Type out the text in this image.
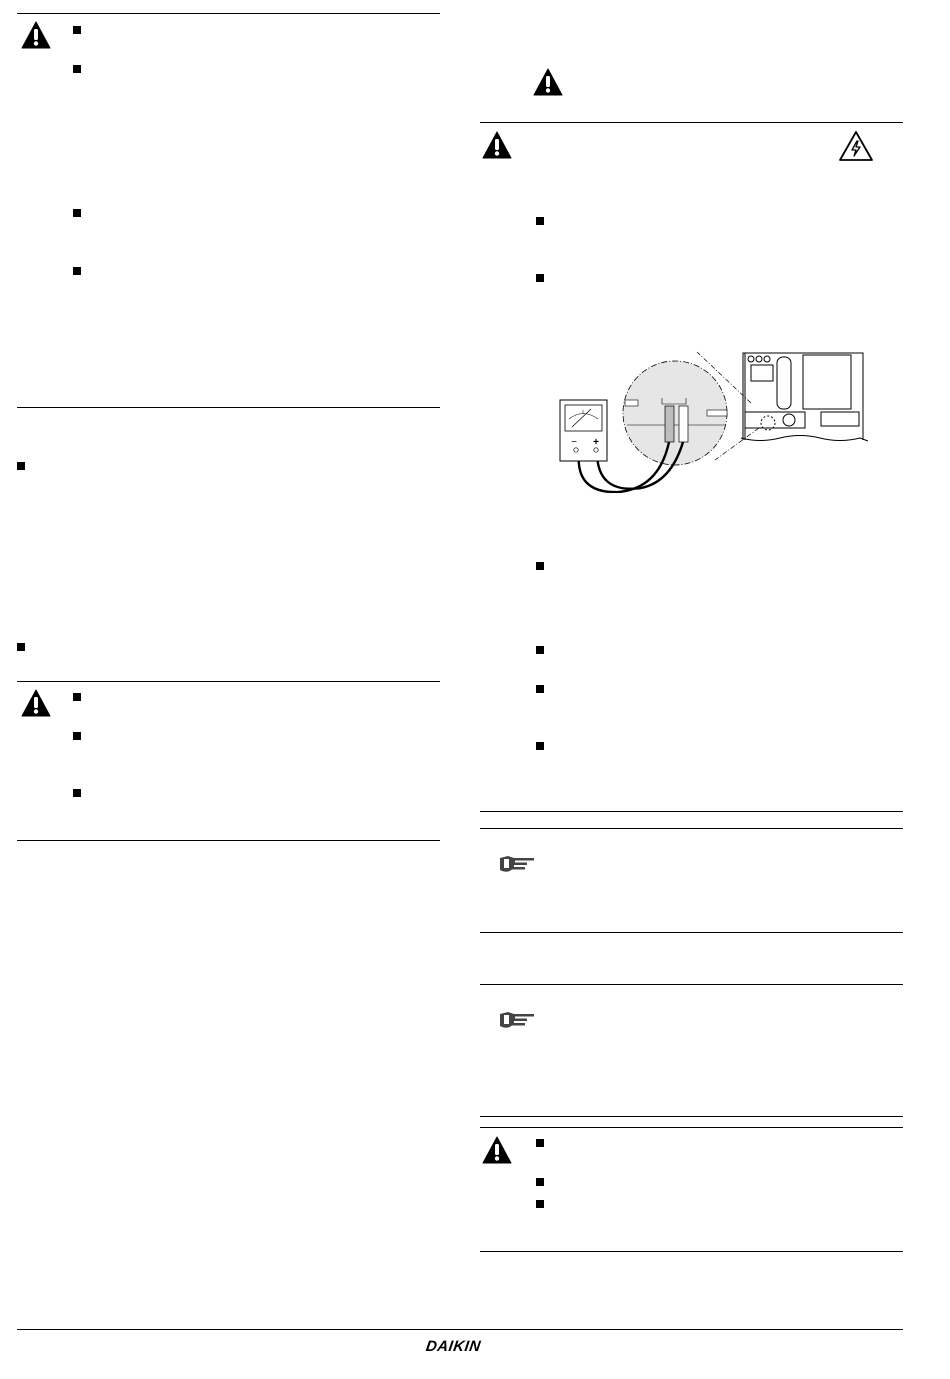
− +
DAIKIN
